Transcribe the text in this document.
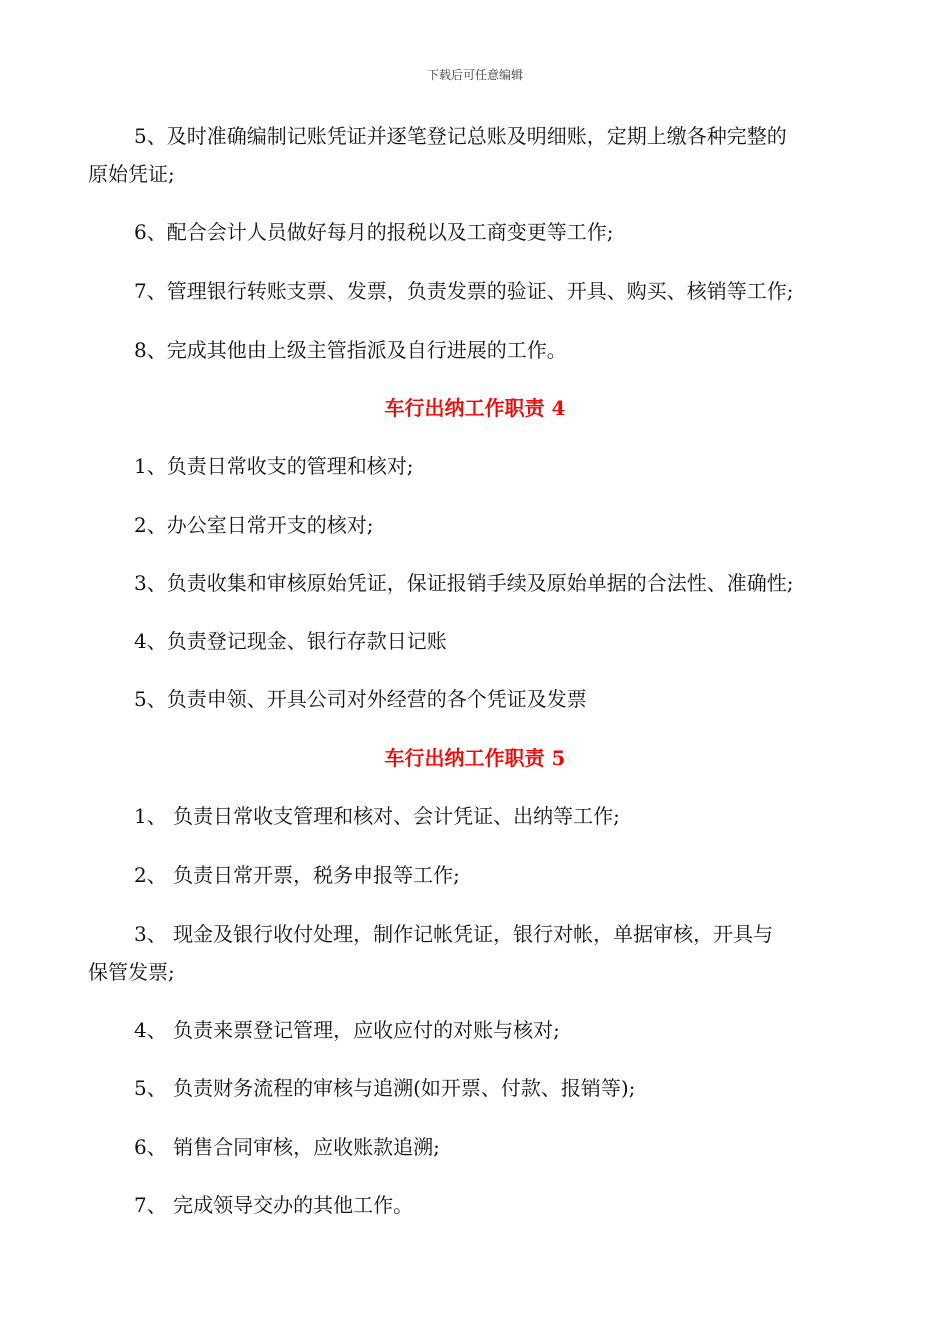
下载后可任意编辑
5、及时准确编制记账凭证并逐笔登记总账及明细账，定期上缴各种完整的
原始凭证;
6、配合会计人员做好每月的报税以及工商变更等工作;
7、管理银行转账支票、发票，负责发票的验证、开具、购买、核销等工作;
8、完成其他由上级主管指派及自行进展的工作。
车行出纳工作职责 4
1、负责日常收支的管理和核对;
2、办公室日常开支的核对;
3、负责收集和审核原始凭证，保证报销手续及原始单据的合法性、准确性;
4、负责登记现金、银行存款日记账
5、负责申领、开具公司对外经营的各个凭证及发票
车行出纳工作职责 5
1、 负责日常收支管理和核对、会计凭证、出纳等工作;
2、 负责日常开票，税务申报等工作;
3、 现金及银行收付处理，制作记帐凭证，银行对帐，单据审核，开具与
保管发票;
4、 负责来票登记管理，应收应付的对账与核对;
5、 负责财务流程的审核与追溯(如开票、付款、报销等);
6、 销售合同审核，应收账款追溯;
7、 完成领导交办的其他工作。
